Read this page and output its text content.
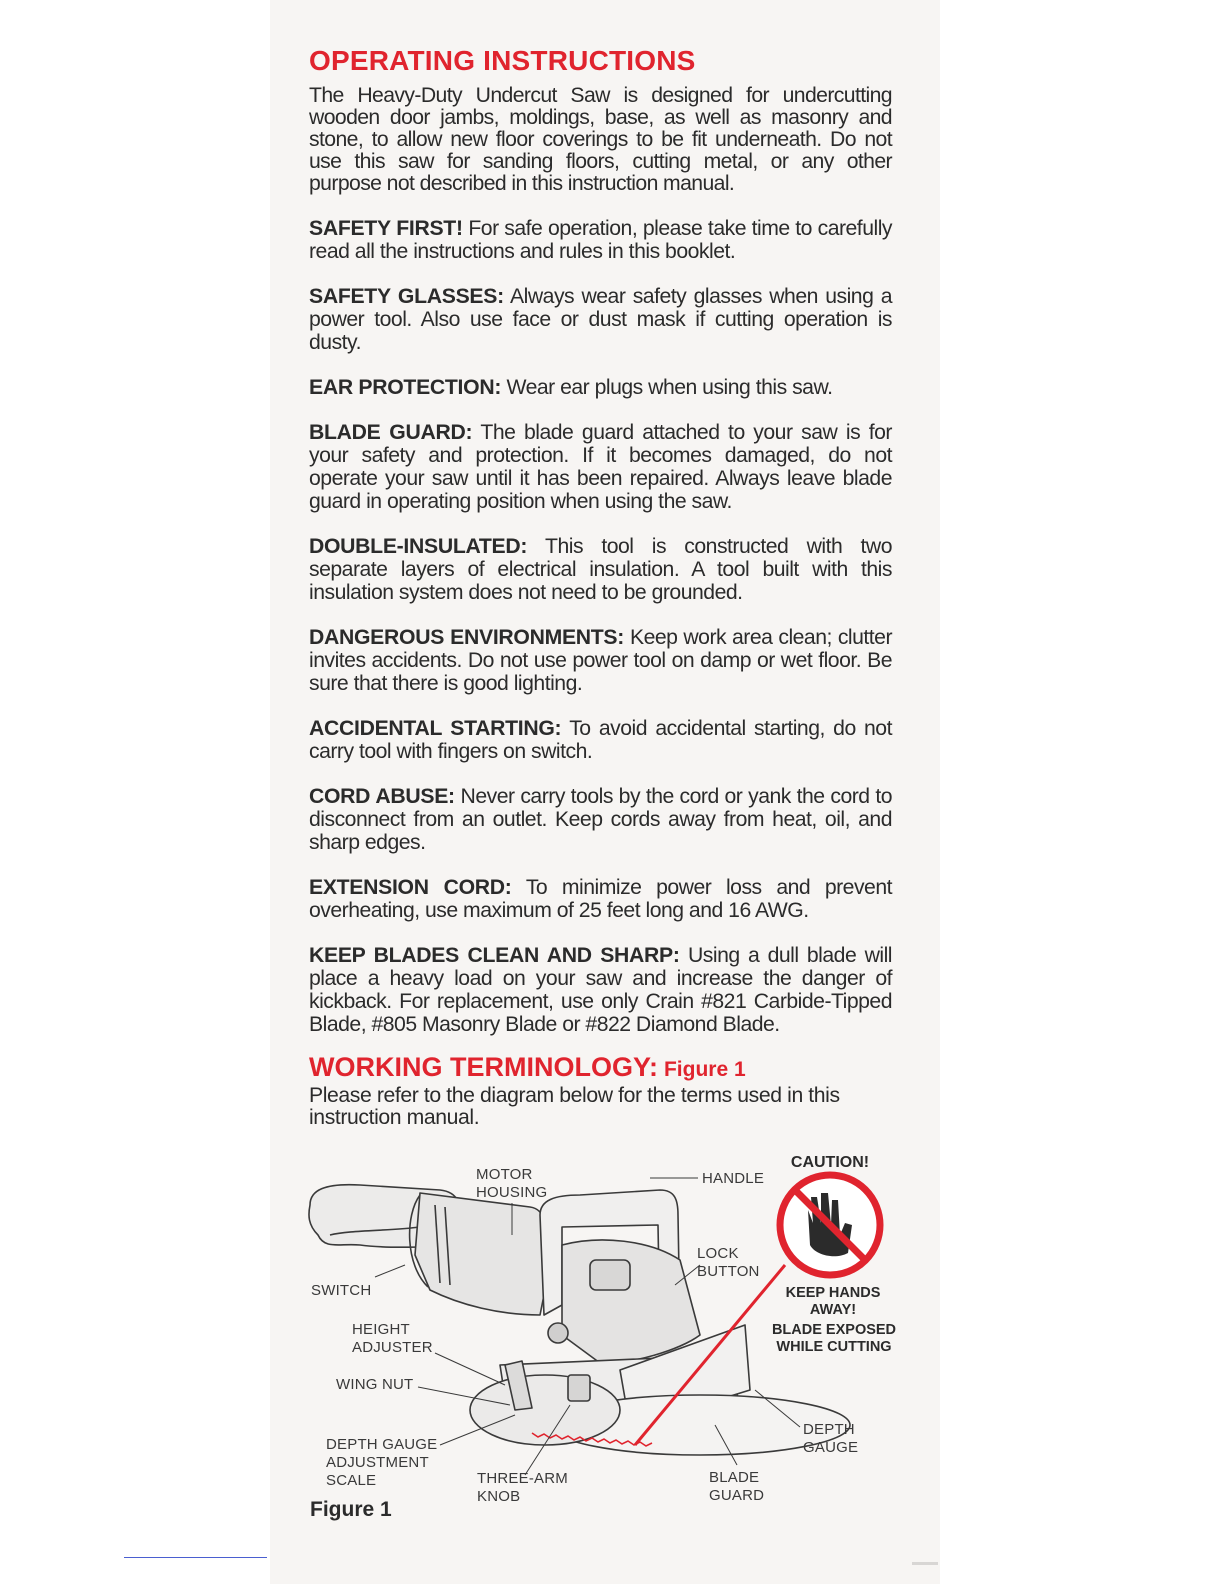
OPERATING INSTRUCTIONS

The Heavy-Duty Undercut Saw is designed for undercutting wooden door jambs, moldings, base, as well as masonry and stone, to allow new floor coverings to be fit underneath. Do not use this saw for sanding floors, cutting metal, or any other purpose not described in this instruction manual.

SAFETY FIRST! For safe operation, please take time to carefully read all the instructions and rules in this booklet.

SAFETY GLASSES: Always wear safety glasses when using a power tool. Also use face or dust mask if cutting operation is dusty.

EAR PROTECTION: Wear ear plugs when using this saw.

BLADE GUARD: The blade guard attached to your saw is for your safety and protection. If it becomes damaged, do not operate your saw until it has been repaired. Always leave blade guard in operating position when using the saw.

DOUBLE-INSULATED: This tool is constructed with two separate layers of electrical insulation. A tool built with this insulation system does not need to be grounded.

DANGEROUS ENVIRONMENTS: Keep work area clean; clutter invites accidents. Do not use power tool on damp or wet floor. Be sure that there is good lighting.

ACCIDENTAL STARTING: To avoid accidental starting, do not carry tool with fingers on switch.

CORD ABUSE: Never carry tools by the cord or yank the cord to disconnect from an outlet. Keep cords away from heat, oil, and sharp edges.

EXTENSION CORD: To minimize power loss and prevent overheating, use maximum of 25 feet long and 16 AWG.

KEEP BLADES CLEAN AND SHARP: Using a dull blade will place a heavy load on your saw and increase the danger of kickback. For replacement, use only Crain #821 Carbide-Tipped Blade, #805 Masonry Blade or #822 Diamond Blade.

WORKING TERMINOLOGY: Figure 1

Please refer to the diagram below for the terms used in this instruction manual.

MOTOR HOUSING
HANDLE
LOCK BUTTON
SWITCH
HEIGHT ADJUSTER
WING NUT
DEPTH GAUGE ADJUSTMENT SCALE	THREE-ARM KNOB
BLADE GUARD
DEPTH GAUGE
CAUTION!
KEEP HANDS AWAY!
BLADE EXPOSED WHILE CUTTING
Figure 1
